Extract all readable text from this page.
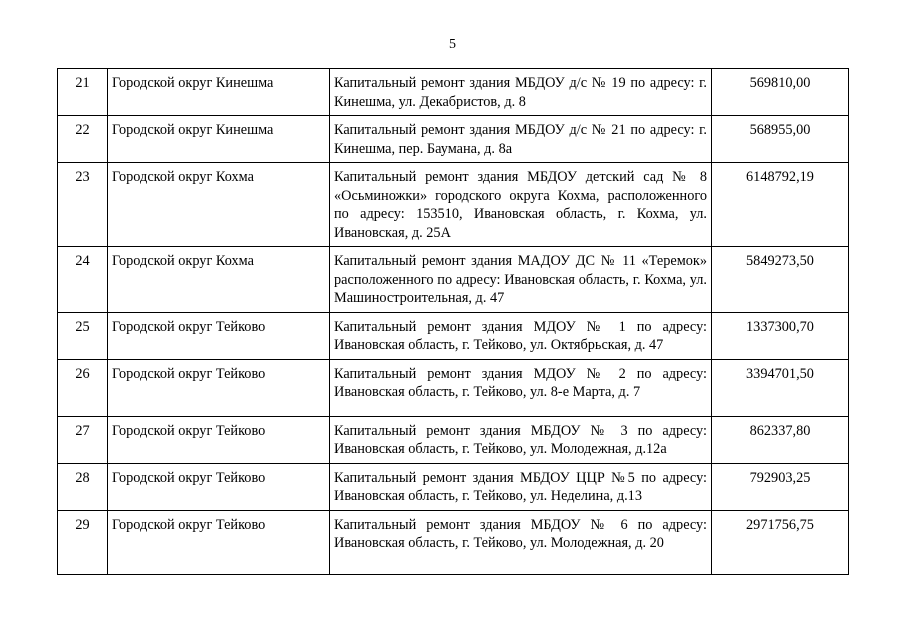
5
21	Городской округ Кинешма	Капитальный ремонт здания МБДОУ д/с № 19 по адресу: г. Кинешма, ул. Декабристов, д. 8	569810,00
22	Городской округ Кинешма	Капитальный ремонт здания МБДОУ д/с № 21 по адресу: г. Кинешма, пер. Баумана, д. 8а	568955,00
23	Городской округ Кохма	Капитальный ремонт здания МБДОУ детский сад № 8 «Осьминожки» городского округа Кохма, расположенного по адресу: 153510, Ивановская область, г. Кохма, ул. Ивановская, д. 25А	6148792,19
24	Городской округ Кохма	Капитальный ремонт здания МАДОУ ДС № 11 «Теремок» расположенного по адресу: Ивановская область, г. Кохма, ул. Машиностроительная, д. 47	5849273,50
25	Городской округ Тейково	Капитальный ремонт здания МДОУ № 1 по адресу: Ивановская область, г. Тейково, ул. Октябрьская, д. 47	1337300,70
26	Городской округ Тейково	Капитальный ремонт здания МДОУ № 2 по адресу: Ивановская область, г. Тейково, ул. 8-е Марта, д. 7	3394701,50
27	Городской округ Тейково	Капитальный ремонт здания МБДОУ № 3 по адресу: Ивановская область, г. Тейково, ул. Молодежная, д.12а	862337,80
28	Городской округ Тейково	Капитальный ремонт здания МБДОУ ЦЦР №5 по адресу: Ивановская область, г. Тейково, ул. Неделина, д.13	792903,25
29	Городской округ Тейково	Капитальный ремонт здания МБДОУ № 6 по адресу: Ивановская область, г. Тейково, ул. Молодежная, д. 20	2971756,75
